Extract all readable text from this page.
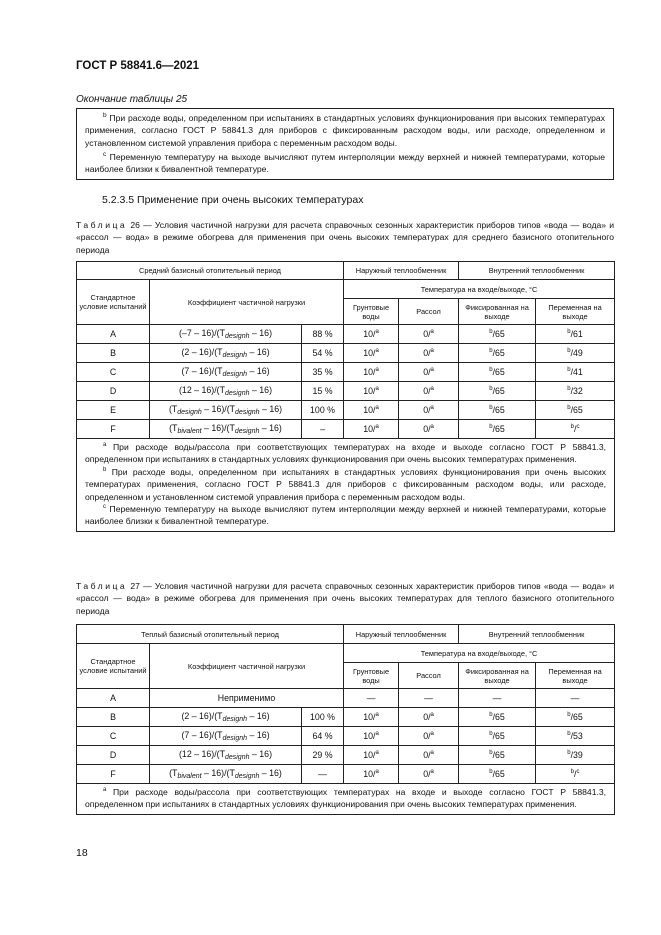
ГОСТ Р 58841.6—2021
Окончание таблицы 25

$^b$ При расходе воды, определенном при испытаниях в стандартных условиях функционирования при высоких температурах применения, согласно ГОСТ Р 58841.3 для приборов с фиксированным расходом воды, или расходе, определенном и установленном системой управления прибора с переменным расходом воды.

$^c$ Переменную температуру на выходе вычисляют путем интерполяции между верхней и нижней температурами, которые наиболее близки к бивалентной температуре.

5.2.3.5 Применение при очень высоких температурах
Таблица 26 — Условия частичной нагрузки для расчета справочных сезонных характеристик приборов типов «вода — вода» и «рассол — вода» в режиме обогрева для применения при очень высоких температурах для среднего базисного отопительного периода
Средний базисный отопительный период			Наружный теплообменник		Внутренний теплообменник	
Стандартное условие испытаний	Коэффициент частичной нагрузки		Температура на входе/выходе, °С			
			Грунтовые воды	Рассол	Фиксированная на выходе	Переменная на выходе
A	$(-7 - 16)/(T_{designh} - 16)$	88 %	10/$^a$	0/$^a$	$^b$/65	$^b$/61
B	$(2 - 16)/(T_{designh} - 16)$	54 %	10/$^a$	0/$^a$	$^b$/65	$^b$/49
C	$(7 - 16)/(T_{designh} - 16)$	35 %	10/$^a$	0/$^a$	$^b$/65	$^b$/41
D	$(12 - 16)/(T_{designh} - 16)$	15 %	10/$^a$	0/$^a$	$^b$/65	$^b$/32
E	$(T_{designh} - 16)/(T_{designh} - 16)$	100 %	10/$^a$	0/$^a$	$^b$/65	$^b$/65
F	$(T_{bivalent} - 16)/(T_{designh} - 16)$	–	10/$^a$	0/$^a$	$^b$/65	$^b$/$^c$

$^a$ При расходе воды/рассола при соответствующих температурах на входе и выходе согласно ГОСТ Р 58841.3, определенном при испытаниях в стандартных условиях функционирования при очень высоких температурах применения.
$^b$ При расходе воды, определенном при испытаниях в стандартных условиях функционирования при очень высоких температурах применения, согласно ГОСТ Р 58841.3 для приборов с фиксированным расходом воды, или расходе, определенном и установленном системой управления прибора с переменным расходом воды.
$^c$ Переменную температуру на выходе вычисляют путем интерполяции между верхней и нижней температурами, которые наиболее близки к бивалентной температуре.						
Таблица 27 — Условия частичной нагрузки для расчета справочных сезонных характеристик приборов типов «вода — вода» и «рассол — вода» в режиме обогрева для применения при очень высоких температурах для теплого базисного отопительного периода
Теплый базисный отопительный период			Наружный теплообменник		Внутренний теплообменник	
Стандартное условие испытаний	Коэффициент частичной нагрузки		Температура на входе/выходе, °С			
			Грунтовые воды	Рассол	Фиксированная на выходе	Переменная на выходе
A	Неприменимо		—	—	—	—
B	$(2 - 16)/(T_{designh} - 16)$	100 %	10/$^a$	0/$^a$	$^b$/65	$^b$/65
C	$(7 - 16)/(T_{designh} - 16)$	64 %	10/$^a$	0/$^a$	$^b$/65	$^b$/53
D	$(12 - 16)/(T_{designh} - 16)$	29 %	10/$^a$	0/$^a$	$^b$/65	$^b$/39
F	$(T_{bivalent} - 16)/(T_{designh} - 16)$	—	10/$^a$	0/$^a$	$^b$/65	$^b$/$^c$

$^a$ При расходе воды/рассола при соответствующих температурах на входе и выходе согласно ГОСТ Р 58841.3, определенном при испытаниях в стандартных условиях функционирования при очень высоких температурах применения.						
18
